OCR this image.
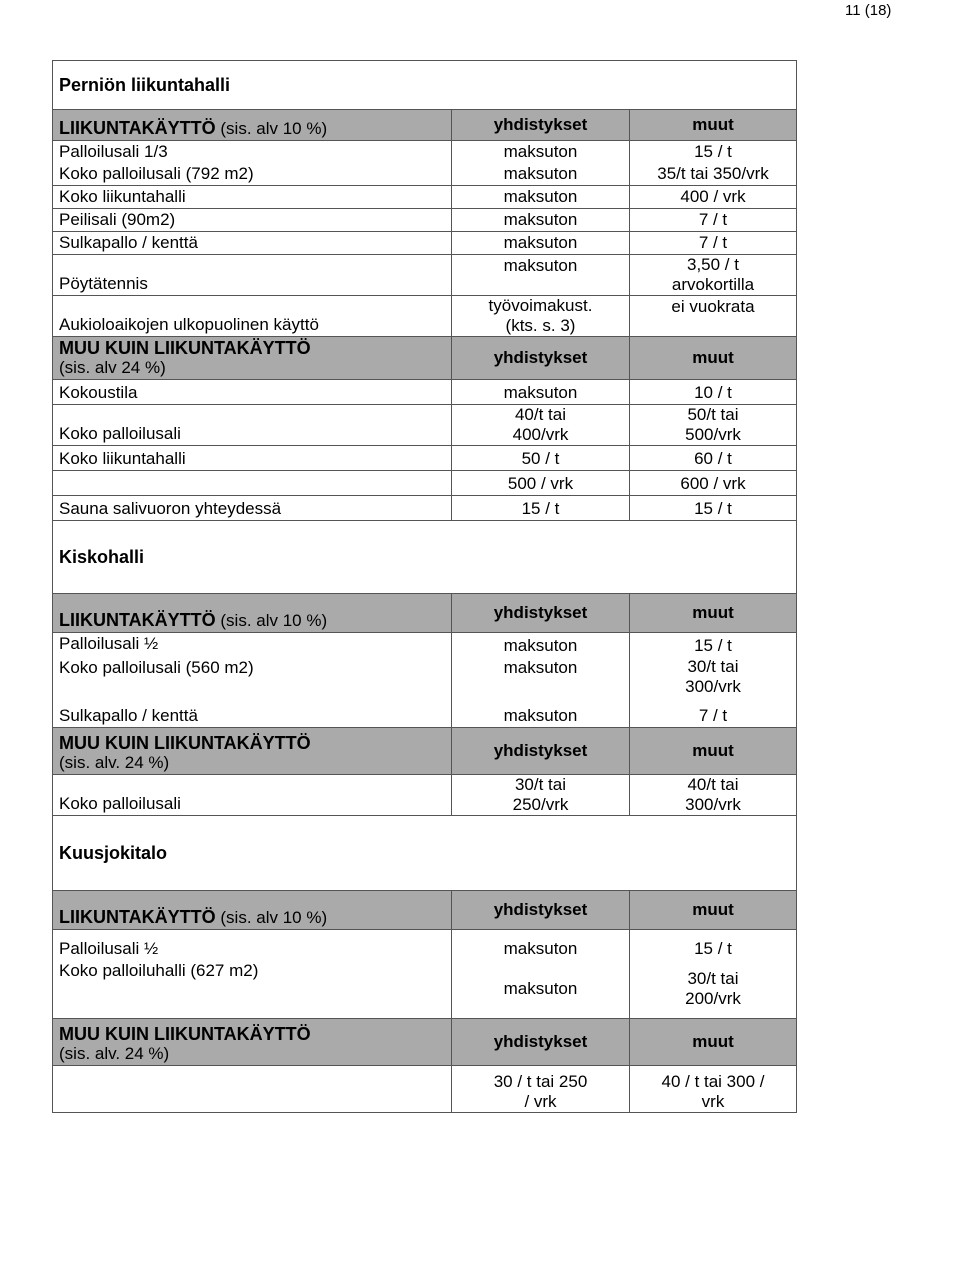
11 (18)
Perniön liikuntahalli		
LIIKUNTAKÄYTTÖ (sis. alv 10 %)	yhdistykset	muut
Palloilusali 1/3	maksuton	15 / t
Koko palloilusali (792 m2)	maksuton	35/t tai 350/vrk
Koko liikuntahalli	maksuton	400 / vrk
Peilisali (90m2)	maksuton	7 / t
Sulkapallo / kenttä	maksuton	7 / t
Pöytätennis	maksuton	3,50 / t arvokortilla
Aukioloaikojen ulkopuolinen käyttö	työvoimakust. (kts. s. 3)	ei vuokrata

MUU KUIN LIIKUNTAKÄYTTÖ
(sis. alv 24 %)	yhdistykset	muut
Kokoustila	maksuton	10 / t
Koko palloilusali	40/t tai 400/vrk	50/t tai 500/vrk
Koko liikuntahalli	50 / t	60 / t
	500 / vrk	600 / vrk
Sauna salivuoron yhteydessä	15 / t	15 / t
Kiskohalli		
LIIKUNTAKÄYTTÖ (sis. alv 10 %)	yhdistykset	muut
Palloilusali ½	maksuton	15 / t
Koko palloilusali (560 m2)	maksuton	30/t tai 300/vrk
Sulkapallo / kenttä	maksuton	7 / t

MUU KUIN LIIKUNTAKÄYTTÖ
(sis. alv. 24 %)	yhdistykset	muut
Koko palloilusali	30/t tai 250/vrk	40/t tai 300/vrk
Kuusjokitalo		
LIIKUNTAKÄYTTÖ (sis. alv 10 %)	yhdistykset	muut
Palloilusali ½	maksuton	15 / t
Koko palloiluhalli (627 m2)	maksuton	30/t tai 200/vrk

MUU KUIN LIIKUNTAKÄYTTÖ
(sis. alv. 24 %)	yhdistykset	muut
	30 / t tai 250 / vrk	40 / t tai 300 / vrk
